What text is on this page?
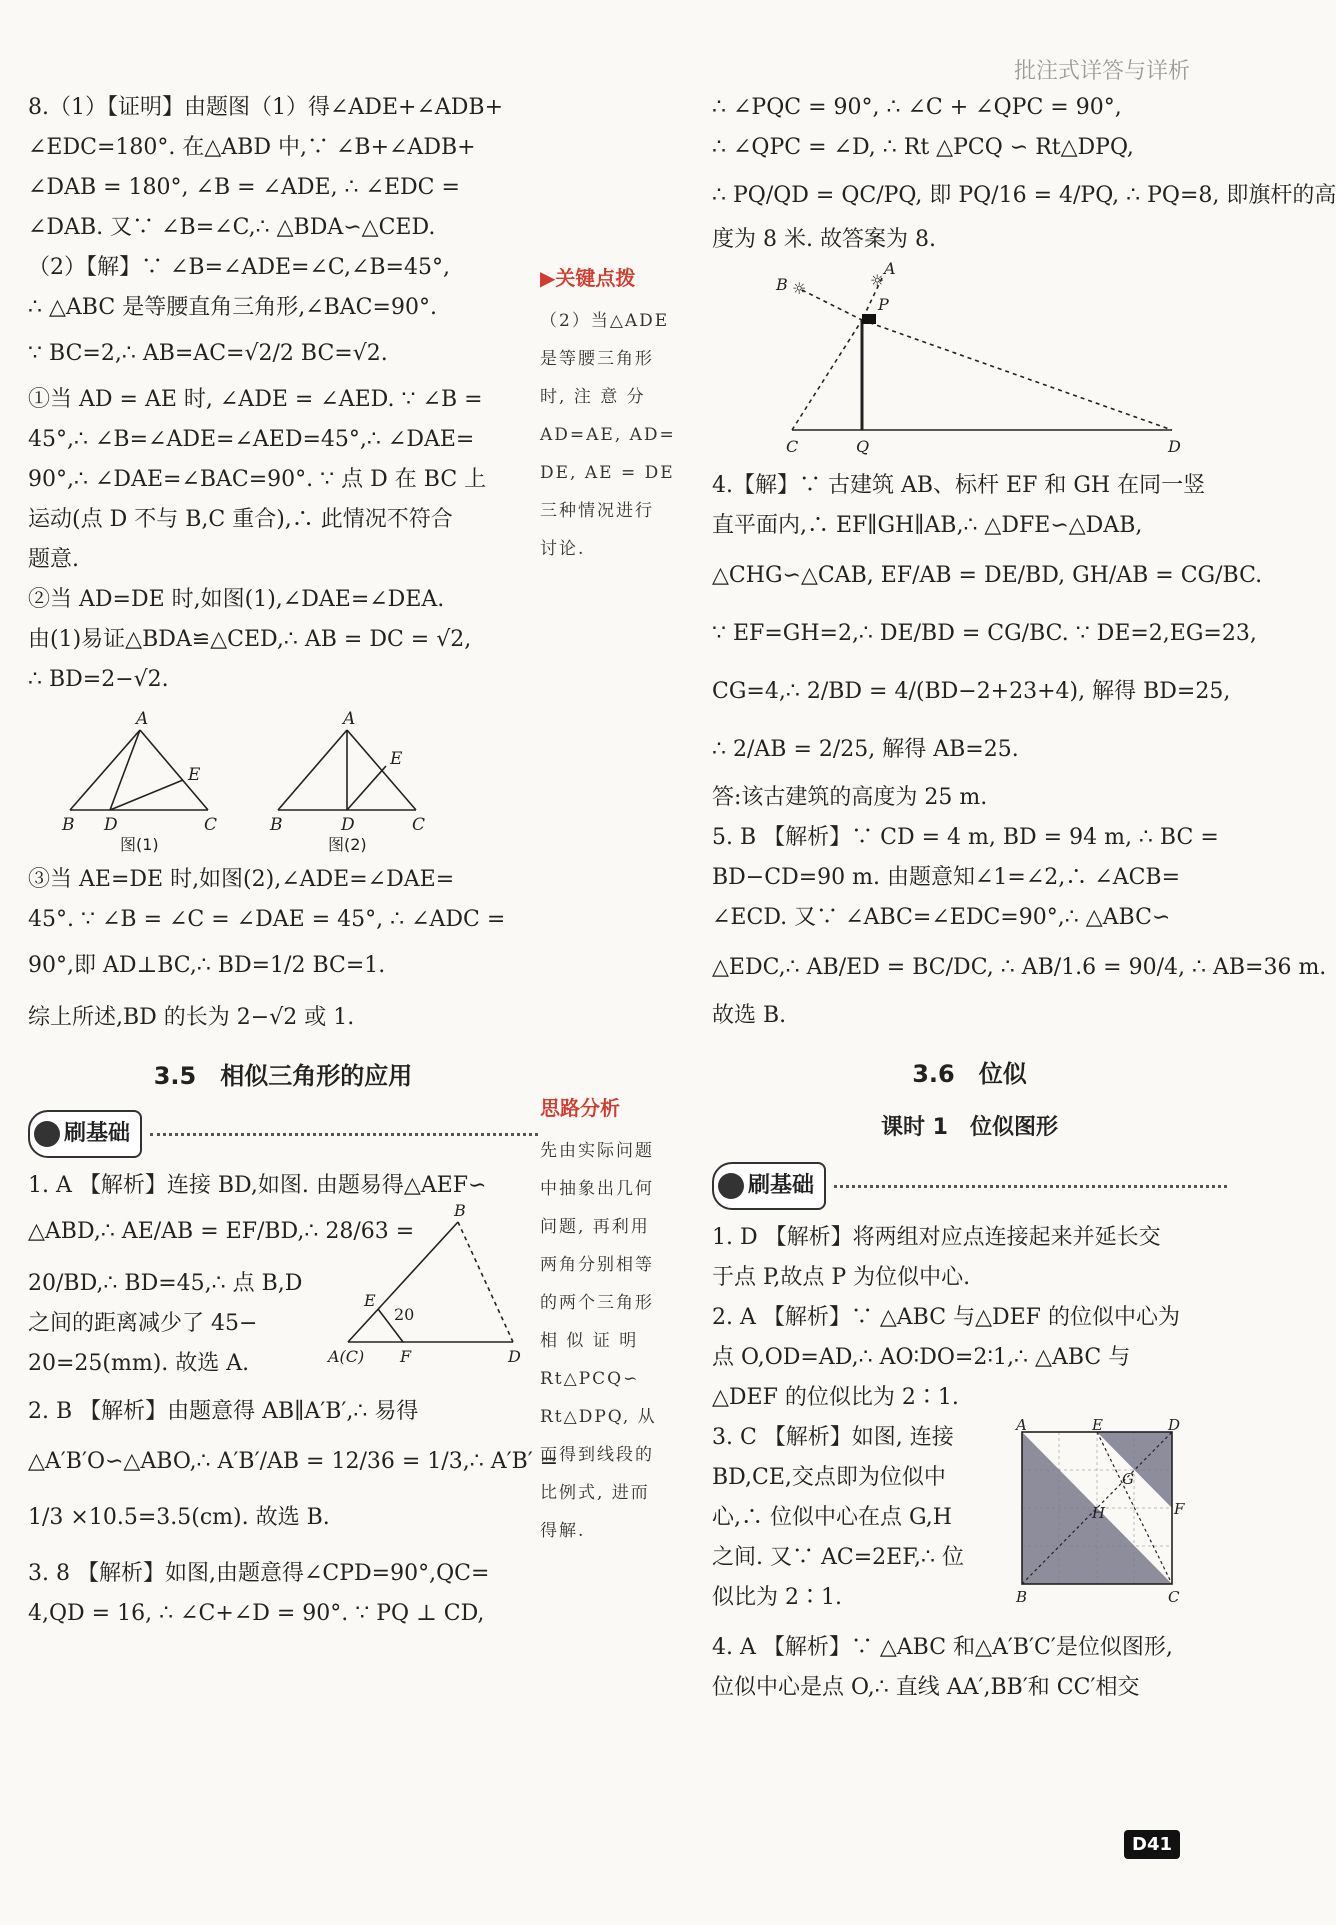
批注式详答与详析
8.（1）【证明】由题图（1）得∠ADE+∠ADB+
∠EDC=180°. 在△ABD 中,∵ ∠B+∠ADB+
∠DAB = 180°, ∠B = ∠ADE, ∴ ∠EDC =
∠DAB. 又∵ ∠B=∠C,∴ △BDA∽△CED.
（2）【解】∵ ∠B=∠ADE=∠C,∠B=45°,
∴ △ABC 是等腰直角三角形,∠BAC=90°.
∵ BC=2,∴ AB=AC=√2/2 BC=√2.
①当 AD = AE 时, ∠ADE = ∠AED. ∵ ∠B =
45°,∴ ∠B=∠ADE=∠AED=45°,∴ ∠DAE=
90°,∴ ∠DAE=∠BAC=90°. ∵ 点 D 在 BC 上
运动(点 D 不与 B,C 重合),∴ 此情况不符合
题意.
②当 AD=DE 时,如图(1),∠DAE=∠DEA.
由(1)易证△BDA≌△CED,∴ AB = DC = √2,
∴ BD=2−√2.
A
B D
E
C
图(1)
A
B	D
E
C
图(2)
③当 AE=DE 时,如图(2),∠ADE=∠DAE=
45°. ∵ ∠B = ∠C = ∠DAE = 45°, ∴ ∠ADC =
90°,即 AD⊥BC,∴ BD=1/2 BC=1.
综上所述,BD 的长为 2−√2 或 1.
3.5　相似三角形的应用
刷基础
1. A 【解析】连接 BD,如图. 由题易得△AEF∽
△ABD,∴ AE/AB = EF/BD,∴ 28/63 =
20/BD,∴ BD=45,∴ 点 B,D
之间的距离减少了 45−
20=25(mm). 故选 A.
B
E
20
A(C) F	D
2. B 【解析】由题意得 AB∥A′B′,∴ 易得
△A′B′O∽△ABO,∴ A′B′/AB = 12/36 = 1/3,∴ A′B′ =
1/3 ×10.5=3.5(cm). 故选 B.
3. 8 【解析】如图,由题意得∠CPD=90°,QC=
4,QD = 16, ∴ ∠C+∠D = 90°. ∵ PQ ⊥ CD,
▶关键点拨
（2）当△ADE
是等腰三角形
时, 注 意 分
AD=AE, AD=
DE, AE = DE
三种情况进行
讨论.
思路分析
先由实际问题
中抽象出几何
问题, 再利用
两角分别相等
的两个三角形
相 似 证 明
Rt△PCQ∽
Rt△DPQ, 从
而得到线段的
比例式, 进而
得解.
∴ ∠PQC = 90°, ∴ ∠C + ∠QPC = 90°,
∴ ∠QPC = ∠D, ∴ Rt △PCQ ∽ Rt△DPQ,
∴ PQ/QD = QC/PQ, 即 PQ/16 = 4/PQ, ∴ PQ=8, 即旗杆的高
度为 8 米. 故答案为 8.
A
B
P
C	Q	D
☼	☼
4.【解】∵ 古建筑 AB、标杆 EF 和 GH 在同一竖
直平面内,∴ EF∥GH∥AB,∴ △DFE∽△DAB,
△CHG∽△CAB, EF/AB = DE/BD, GH/AB = CG/BC.
∵ EF=GH=2,∴ DE/BD = CG/BC. ∵ DE=2,EG=23,
CG=4,∴ 2/BD = 4/(BD−2+23+4), 解得 BD=25,
∴ 2/AB = 2/25, 解得 AB=25.
答:该古建筑的高度为 25 m.
5. B 【解析】∵ CD = 4 m, BD = 94 m, ∴ BC =
BD−CD=90 m. 由题意知∠1=∠2,∴ ∠ACB=
∠ECD. 又∵ ∠ABC=∠EDC=90°,∴ △ABC∽
△EDC,∴ AB/ED = BC/DC, ∴ AB/1.6 = 90/4, ∴ AB=36 m.
故选 B.
3.6　位似
课时 1　位似图形
刷基础
1. D 【解析】将两组对应点连接起来并延长交
于点 P,故点 P 为位似中心.
2. A 【解析】∵ △ABC 与△DEF 的位似中心为
点 O,OD=AD,∴ AO∶DO=2∶1,∴ △ABC 与
△DEF 的位似比为 2∶1.
3. C 【解析】如图, 连接
BD,CE,交点即为位似中
心,∴ 位似中心在点 G,H
之间. 又∵ AC=2EF,∴ 位
似比为 2∶1.
A	E	D
G
H	F
B	C
4. A 【解析】∵ △ABC 和△A′B′C′是位似图形,
位似中心是点 O,∴ 直线 AA′,BB′和 CC′相交
D41
